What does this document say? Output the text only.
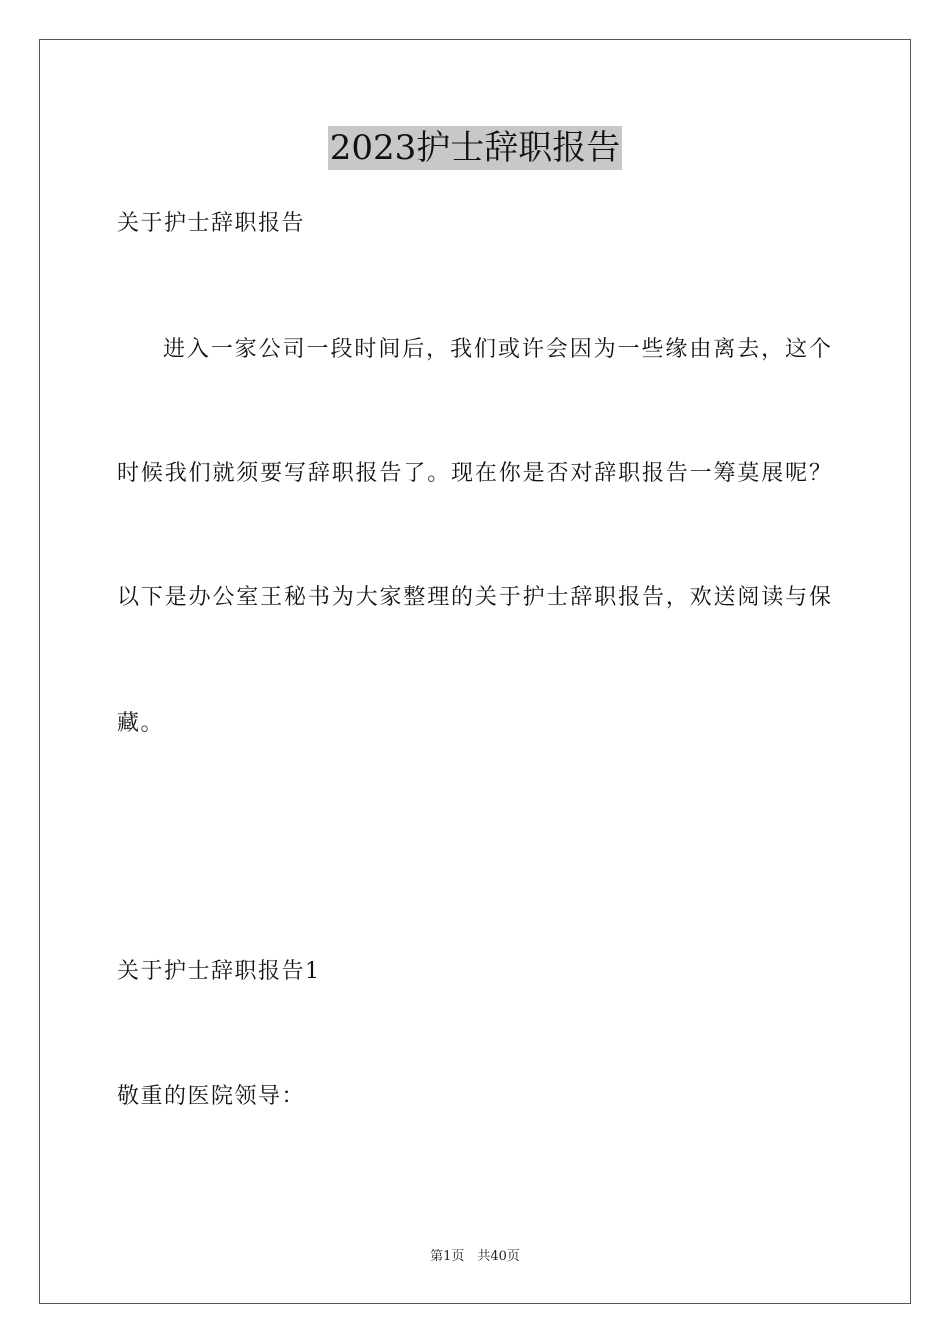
2023护士辞职报告
关于护士辞职报告
进入一家公司一段时间后，我们或许会因为一些缘由离去，这个
时候我们就须要写辞职报告了。现在你是否对辞职报告一筹莫展呢？
以下是办公室王秘书为大家整理的关于护士辞职报告，欢送阅读与保
藏。
关于护士辞职报告1
敬重的医院领导：
第1页　共40页
